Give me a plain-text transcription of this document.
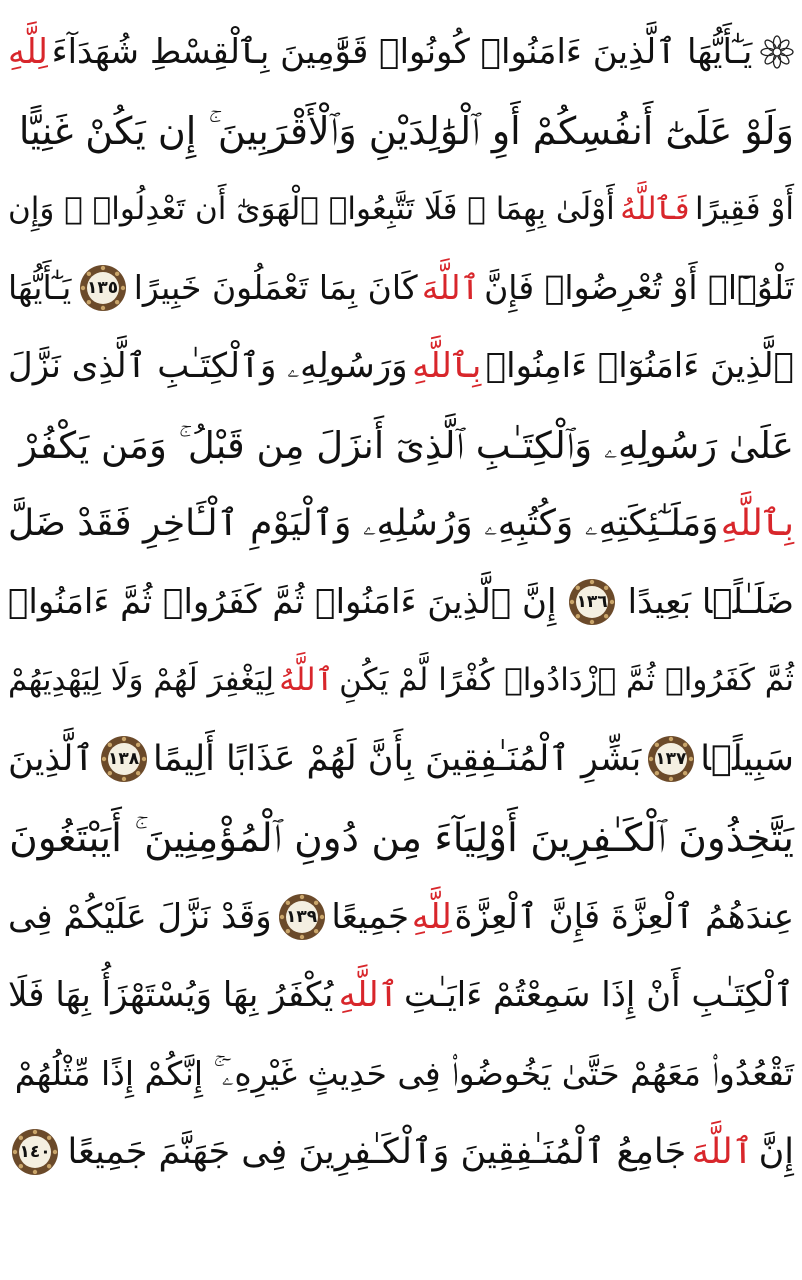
يَـٰٓأَيُّهَا ٱلَّذِينَ ءَامَنُوا۟ كُونُوا۟ قَوَّٰمِينَ بِٱلْقِسْطِ شُهَدَآءَ
لِلَّهِ
وَلَوْ عَلَىٰٓ أَنفُسِكُمْ أَوِ ٱلْوَٰلِدَيْنِ وَٱلْأَقْرَبِينَ ۚ إِن يَكُنْ غَنِيًّا
أَوْ فَقِيرًا
فَٱللَّهُ
أَوْلَىٰ بِهِمَا ۖ فَلَا تَتَّبِعُوا۟ ٱلْهَوَىٰٓ أَن تَعْدِلُوا۟ ۚ وَإِن
تَلْوُۥٓا۟ أَوْ تُعْرِضُوا۟ فَإِنَّ
ٱللَّهَ
كَانَ بِمَا تَعْمَلُونَ خَبِيرًا
١٣٥
يَـٰٓأَيُّهَا
ٱلَّذِينَ ءَامَنُوٓا۟ ءَامِنُوا۟
بِٱللَّهِ
وَرَسُولِهِۦ وَٱلْكِتَـٰبِ ٱلَّذِى نَزَّلَ
عَلَىٰ رَسُولِهِۦ وَٱلْكِتَـٰبِ ٱلَّذِىٓ أَنزَلَ مِن قَبْلُ ۚ وَمَن يَكْفُرْ
بِٱللَّهِ
وَمَلَـٰٓئِكَتِهِۦ وَكُتُبِهِۦ وَرُسُلِهِۦ وَٱلْيَوْمِ ٱلْـَٔاخِرِ فَقَدْ ضَلَّ
ضَلَـٰلًۢا بَعِيدًا
١٣٦
إِنَّ ٱلَّذِينَ ءَامَنُوا۟ ثُمَّ كَفَرُوا۟ ثُمَّ ءَامَنُوا۟
ثُمَّ كَفَرُوا۟ ثُمَّ ٱزْدَادُوا۟ كُفْرًا لَّمْ يَكُنِ
ٱللَّهُ
لِيَغْفِرَ لَهُمْ وَلَا لِيَهْدِيَهُمْ
سَبِيلًۢا
١٣٧
بَشِّرِ ٱلْمُنَـٰفِقِينَ بِأَنَّ لَهُمْ عَذَابًا أَلِيمًا
١٣٨
ٱلَّذِينَ
يَتَّخِذُونَ ٱلْكَـٰفِرِينَ أَوْلِيَآءَ مِن دُونِ ٱلْمُؤْمِنِينَ ۚ أَيَبْتَغُونَ
عِندَهُمُ ٱلْعِزَّةَ فَإِنَّ ٱلْعِزَّةَ
لِلَّهِ
جَمِيعًا
١٣٩
وَقَدْ نَزَّلَ عَلَيْكُمْ فِى
ٱلْكِتَـٰبِ أَنْ إِذَا سَمِعْتُمْ ءَايَـٰتِ
ٱللَّهِ
يُكْفَرُ بِهَا وَيُسْتَهْزَأُ بِهَا فَلَا
تَقْعُدُوا۟ مَعَهُمْ حَتَّىٰ يَخُوضُوا۟ فِى حَدِيثٍ غَيْرِهِۦٓ ۚ إِنَّكُمْ إِذًا مِّثْلُهُمْ
إِنَّ
ٱللَّهَ
جَامِعُ ٱلْمُنَـٰفِقِينَ وَٱلْكَـٰفِرِينَ فِى جَهَنَّمَ جَمِيعًا
١٤٠
